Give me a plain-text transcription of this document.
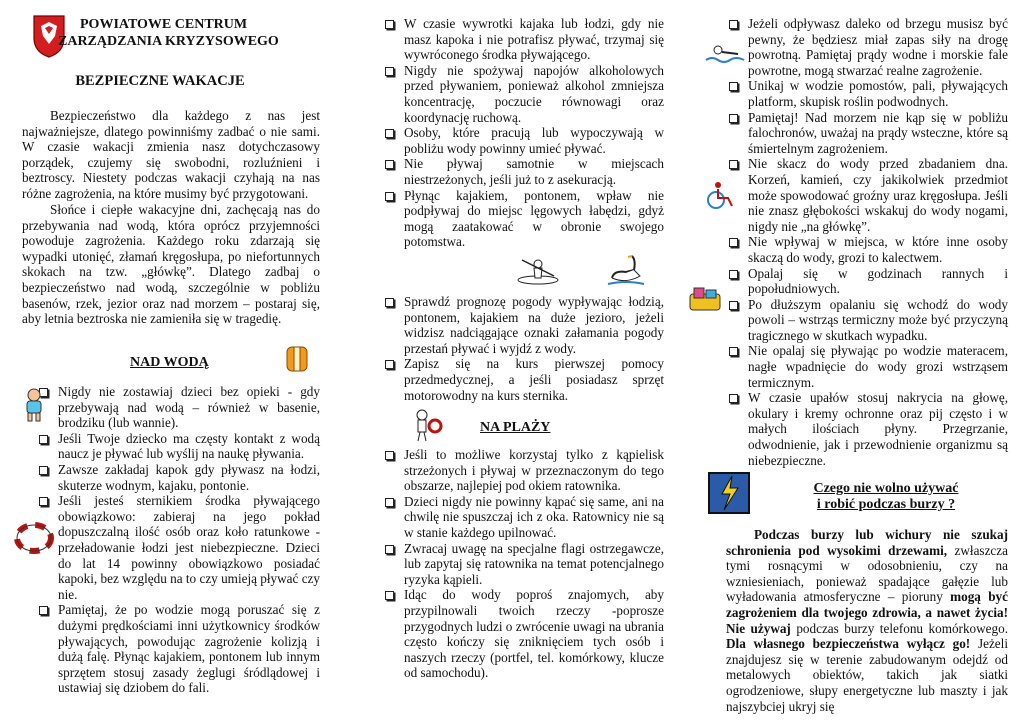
POWIATOWE CENTRUM
ZARZĄDZANIA KRYZYSOWEGO
BEZPIECZNE WAKACJE

Bezpieczeństwo dla każdego z nas jest najważniejsze, dlatego powinniśmy zadbać o nie sami. W czasie wakacji zmienia nasz dotychczasowy porządek, czujemy się swobodni, rozluźnieni i beztroscy. Niestety podczas wakacji czyhają na nas różne zagrożenia, na które musimy być przygotowani.

Słońce i ciepłe wakacyjne dni, zachęcają nas do przebywania nad wodą, która oprócz przyjemności powoduje zagrożenia. Każdego roku zdarzają się wypadki utonięć, złamań kręgosłupa, po niefortunnych skokach na tzw. „główkę”. Dlatego zadbaj o bezpieczeństwo nad wodą, szczególnie w pobliżu basenów, rzek, jezior oraz nad morzem – postaraj się, aby letnia beztroska nie zamieniła się w tragedię.

NAD WODĄ
Nigdy nie zostawiaj dzieci bez opieki - gdy przebywają nad wodą – również w basenie, brodziku (lub wannie).
Jeśli Twoje dziecko ma częsty kontakt z wodą naucz je pływać lub wyślij na naukę pływania.
Zawsze zakładaj kapok gdy pływasz na łodzi, skuterze wodnym, kajaku, pontonie.
Jeśli jesteś sternikiem środka pływającego obowiązkowo: zabieraj na jego pokład dopuszczalną ilość osób oraz koło ratunkowe - przeładowanie łodzi jest niebezpieczne. Dzieci do lat 14 powinny obowiązkowo posiadać kapoki, bez względu na to czy umieją pływać czy nie.
Pamiętaj, że po wodzie mogą poruszać się z dużymi prędkościami inni użytkownicy środków pływających, powodując zagrożenie kolizją i dużą falę. Płynąc kajakiem, pontonem lub innym sprzętem stosuj zasady żeglugi śródlądowej i ustawiaj się dziobem do fali.
W czasie wywrotki kajaka lub łodzi, gdy nie masz kapoka i nie potrafisz pływać, trzymaj się wywróconego środka pływającego.
Nigdy nie spożywaj napojów alkoholowych przed pływaniem, ponieważ alkohol zmniejsza koncentrację, poczucie równowagi oraz koordynację ruchową.
Osoby, które pracują lub wypoczywają w pobliżu wody powinny umieć pływać.
Nie pływaj samotnie w miejscach niestrzeżonych, jeśli już to z asekuracją.
Płynąc kajakiem, pontonem, wpław nie podpływaj do miejsc lęgowych łabędzi, gdyż mogą zaatakować w obronie swojego potomstwa.
Sprawdź prognozę pogody wypływając łodzią, pontonem, kajakiem na duże jezioro, jeżeli widzisz nadciągające oznaki załamania pogody przestań pływać i wyjdź z wody.
Zapisz się na kurs pierwszej pomocy przedmedycznej, a jeśli posiadasz sprzęt motorowodny na kurs sternika.
NA PLAŻY
Jeśli to możliwe korzystaj tylko z kąpielisk strzeżonych i pływaj w przeznaczonym do tego obszarze, najlepiej pod okiem ratownika.
Dzieci nigdy nie powinny kąpać się same, ani na chwilę nie spuszczaj ich z oka. Ratownicy nie są w stanie każdego upilnować.
Zwracaj uwagę na specjalne flagi ostrzegawcze, lub zapytaj się ratownika na temat potencjalnego ryzyka kąpieli.
Idąc do wody poproś znajomych, aby przypilnowali twoich rzeczy -poprosze przygodnych ludzi o zwrócenie uwagi na ubrania często kończy się zniknięciem tych osób i naszych rzeczy (portfel, tel. komórkowy, klucze od samochodu).
Jeżeli odpływasz daleko od brzegu musisz być pewny, że będziesz miał zapas siły na drogę powrotną. Pamiętaj prądy wodne i morskie fale powrotne, mogą stwarzać realne zagrożenie.
Unikaj w wodzie pomostów, pali, pływających platform, skupisk roślin podwodnych.
Pamiętaj! Nad morzem nie kąp się w pobliżu falochronów, uważaj na prądy wsteczne, które są śmiertelnym zagrożeniem.
Nie skacz do wody przed zbadaniem dna. Korzeń, kamień, czy jakikolwiek przedmiot może spowodować groźny uraz kręgosłupa. Jeśli nie znasz głębokości wskakuj do wody nogami, nigdy nie „na główkę”.
Nie wpływaj w miejsca, w które inne osoby skaczą do wody, grozi to kalectwem.
Opalaj się w godzinach rannych i popołudniowych.
Po dłuższym opalaniu się wchodź do wody powoli – wstrząs termiczny może być przyczyną tragicznego w skutkach wypadku.
Nie opalaj się pływając po wodzie materacem, nagłe wpadnięcie do wody grozi wstrząsem termicznym.
W czasie upałów stosuj nakrycia na głowę, okulary i kremy ochronne oraz pij często i w małych ilościach płyny. Przegrzanie, odwodnienie, jak i przewodnienie organizmu są niebezpieczne.
Czego nie wolno używać
i robić podczas burzy ?

Podczas burzy lub wichury nie szukaj schronienia pod wysokimi drzewami, zwłaszcza tymi rosnącymi w odosobnieniu, czy na wzniesieniach, ponieważ spadające gałęzie lub wyładowania atmosferyczne – pioruny mogą być zagrożeniem dla twojego zdrowia, a nawet życia! Nie używaj podczas burzy telefonu komórkowego. Dla własnego bezpieczeństwa wyłącz go! Jeżeli znajdujesz się w terenie zabudowanym odejdź od metalowych obiektów, takich jak siatki ogrodzeniowe, słupy energetyczne lub maszty i jak najszybciej ukryj się
